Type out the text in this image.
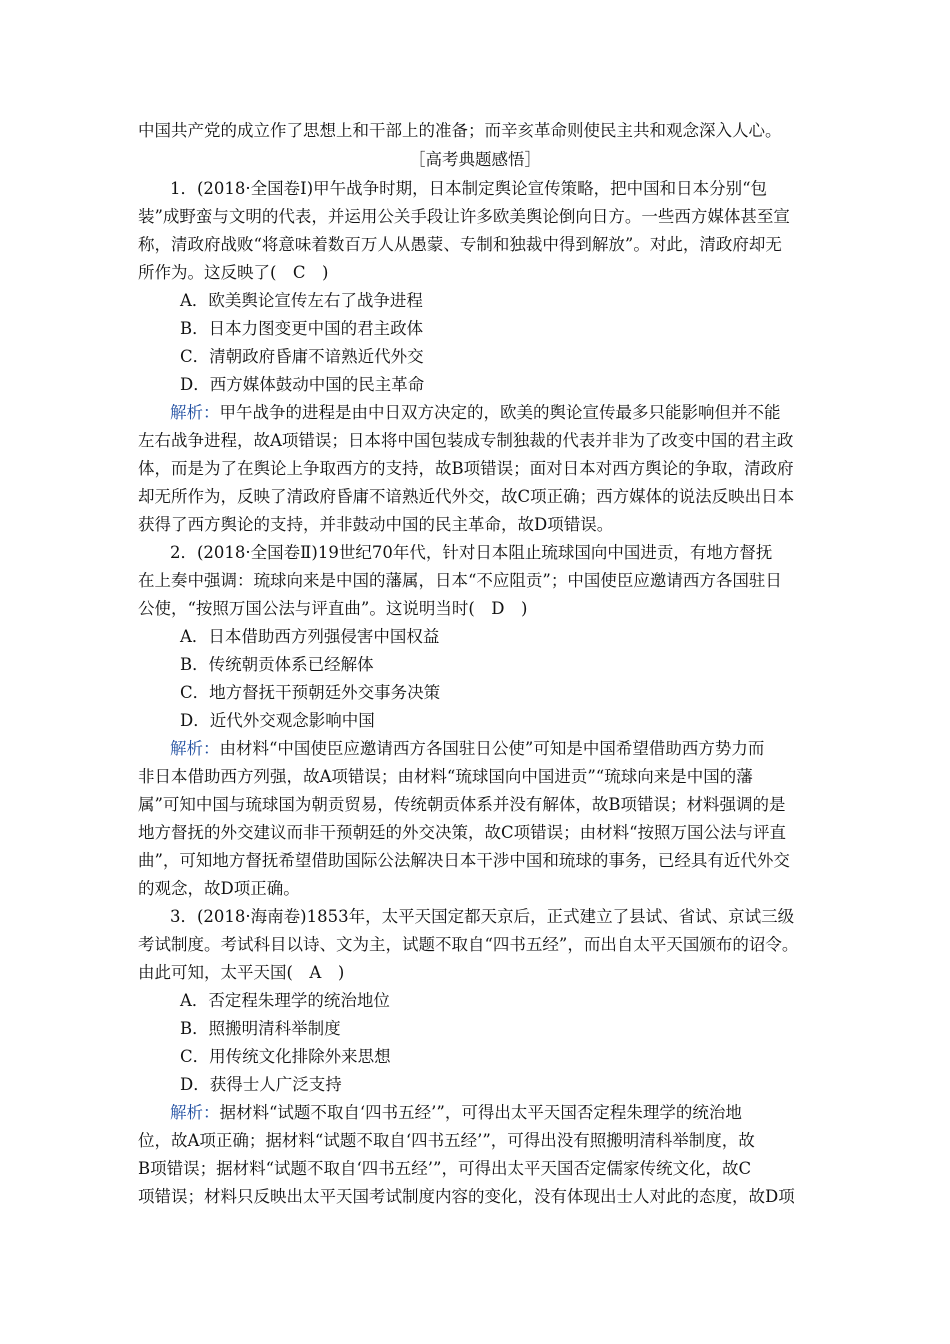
中国共产党的成立作了思想上和干部上的准备；而辛亥革命则使民主共和观念深入人心。
［高考典题感悟］
1．(2018·全国卷Ⅰ)甲午战争时期，日本制定舆论宣传策略，把中国和日本分别“包
装”成野蛮与文明的代表，并运用公关手段让许多欧美舆论倒向日方。一些西方媒体甚至宣
称，清政府战败“将意味着数百万人从愚蒙、专制和独裁中得到解放”。对此，清政府却无
所作为。这反映了(　C　)
A．欧美舆论宣传左右了战争进程
B．日本力图变更中国的君主政体
C．清朝政府昏庸不谙熟近代外交
D．西方媒体鼓动中国的民主革命
解析：甲午战争的进程是由中日双方决定的，欧美的舆论宣传最多只能影响但并不能
左右战争进程，故A项错误；日本将中国包装成专制独裁的代表并非为了改变中国的君主政
体，而是为了在舆论上争取西方的支持，故B项错误；面对日本对西方舆论的争取，清政府
却无所作为，反映了清政府昏庸不谙熟近代外交，故C项正确；西方媒体的说法反映出日本
获得了西方舆论的支持，并非鼓动中国的民主革命，故D项错误。
2．(2018·全国卷Ⅱ)19世纪70年代，针对日本阻止琉球国向中国进贡，有地方督抚
在上奏中强调：琉球向来是中国的藩属，日本“不应阻贡”；中国使臣应邀请西方各国驻日
公使，“按照万国公法与评直曲”。这说明当时(　D　)
A．日本借助西方列强侵害中国权益
B．传统朝贡体系已经解体
C．地方督抚干预朝廷外交事务决策
D．近代外交观念影响中国
解析：由材料“中国使臣应邀请西方各国驻日公使”可知是中国希望借助西方势力而
非日本借助西方列强，故A项错误；由材料“琉球国向中国进贡”“琉球向来是中国的藩
属”可知中国与琉球国为朝贡贸易，传统朝贡体系并没有解体，故B项错误；材料强调的是
地方督抚的外交建议而非干预朝廷的外交决策，故C项错误；由材料“按照万国公法与评直
曲”，可知地方督抚希望借助国际公法解决日本干涉中国和琉球的事务，已经具有近代外交
的观念，故D项正确。
3．(2018·海南卷)1853年，太平天国定都天京后，正式建立了县试、省试、京试三级
考试制度。考试科目以诗、文为主，试题不取自“四书五经”，而出自太平天国颁布的诏令。
由此可知，太平天国(　A　)
A．否定程朱理学的统治地位
B．照搬明清科举制度
C．用传统文化排除外来思想
D．获得士人广泛支持
解析：据材料“试题不取自‘四书五经’”，可得出太平天国否定程朱理学的统治地
位，故A项正确；据材料“试题不取自‘四书五经’”，可得出没有照搬明清科举制度，故
B项错误；据材料“试题不取自‘四书五经’”，可得出太平天国否定儒家传统文化，故C
项错误；材料只反映出太平天国考试制度内容的变化，没有体现出士人对此的态度，故D项
